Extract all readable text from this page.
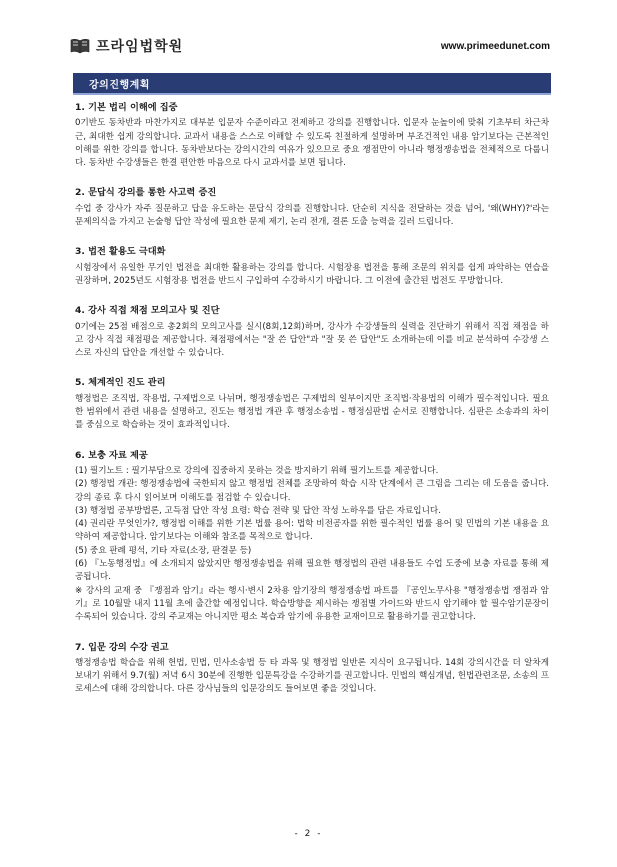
프라임법학원	www.primeedunet.com
강의진행계획
1. 기본 법리 이해에 집중
0기반도 동차반과 마찬가지로 대부분 입문자 수준이라고 전제하고 강의를 진행합니다. 입문자 눈높이에 맞춰 기초부터 차근차근, 최대한 쉽게 강의합니다. 교과서 내용을 스스로 이해할 수 있도록 친절하게 설명하며 부조건적인 내용 암기보다는 근본적인 이해를 위한 강의를 합니다. 동차반보다는 강의시간의 여유가 있으므로 중요 쟁점만이 아니라 행정쟁송법을 전체적으로 다룹니다. 동차반 수강생들은 한결 편안한 마음으로 다시 교과서를 보면 됩니다.
2. 문답식 강의를 통한 사고력 증진
수업 중 강사가 자주 질문하고 답을 유도하는 문답식 강의를 진행합니다. 단순히 지식을 전달하는 것을 넘어, '왜(WHY)?'라는 문제의식을 가지고 논술형 답안 작성에 필요한 문제 제기, 논리 전개, 결론 도출 능력을 길러 드립니다.
3. 법전 활용도 극대화
시험장에서 유일한 무기인 법전을 최대한 활용하는 강의를 합니다. 시험장용 법전을 통해 조문의 위치를 쉽게 파악하는 연습을 권장하며, 2025년도 시험장용 법전을 반드시 구입하여 수강하시기 바랍니다. 그 이전에 출간된 법전도 무방합니다.
4. 강사 직접 채점 모의고사 및 진단
0기에는 25점 배점으로 총2회의 모의고사를 실시(8회,12회)하며, 강사가 수강생들의 실력을 진단하기 위해서 직접 채점을 하고 강사 직접 채점평을 제공합니다. 채점평에서는 "잘 쓴 답안"과 "잘 못 쓴 답안"도 소개하는데 이를 비교 분석하여 수강생 스스로 자신의 답안을 개선할 수 있습니다.
5. 체계적인 진도 관리
행정법은 조직법, 작용법, 구제법으로 나뉘며, 행정쟁송법은 구제법의 일부이지만 조직법·작용법의 이해가 필수적입니다. 필요한 범위에서 관련 내용을 설명하고, 진도는 행정법 개관 후 행정소송법 - 행정심판법 순서로 진행합니다. 심판은 소송과의 차이를 중심으로 학습하는 것이 효과적입니다.
6. 보충 자료 제공
(1) 필기노트 : 필기부담으로 강의에 집중하지 못하는 것을 방지하기 위해 필기노트를 제공합니다.
(2) 행정법 개관: 행정쟁송법에 국한되지 않고 행정법 전체를 조망하여 학습 시작 단계에서 큰 그림을 그리는 데 도움을 줍니다. 강의 종료 후 다시 읽어보며 이해도를 점검할 수 있습니다.
(3) 행정법 공부방법론, 고득점 답안 작성 요령: 학습 전략 및 답안 작성 노하우를 담은 자료입니다.
(4) 권리란 무엇인가?, 행정법 이해를 위한 기본 법률 용어: 법학 비전공자를 위한 필수적인 법률 용어 및 민법의 기본 내용을 요약하여 제공합니다. 암기보다는 이해와 참조를 목적으로 합니다.
(5) 중요 판례 평석, 기타 자료(소장, 판결문 등)
(6) 『노동행정법』에 소개되지 않았지만 행정쟁송법을 위해 필요한 행정법의 관련 내용들도 수업 도중에 보충 자료를 통해 제공됩니다.
※ 강사의 교재 중 『쟁점과 암기』라는 행시·변시 2차용 암기장의 행정쟁송법 파트를 『공인노무사용 "행정쟁송법 쟁점과 암기』로 10월말 내지 11월 초에 출간할 예정입니다. 학습방향을 제시하는 쟁점별 가이드와 반드시 암기해야 할 필수암기문장이 수록되어 있습니다. 강의 주교재는 아니지만 평소 복습과 암기에 유용한 교재이므로 활용하기를 권고합니다.
7. 입문 강의 수강 권고
행정쟁송법 학습을 위해 헌법, 민법, 민사소송법 등 타 과목 및 행정법 일반론 지식이 요구됩니다. 14회 강의시간을 더 알차게 보내기 위해서 9.7(월) 저녁 6시 30분에 진행한 입문특강을 수강하기를 권고합니다. 민법의 핵심개념, 헌법관련조문, 소송의 프로세스에 대해 강의합니다. 다른 강사님들의 입문강의도 들어보면 좋을 것입니다.
- 2 -
